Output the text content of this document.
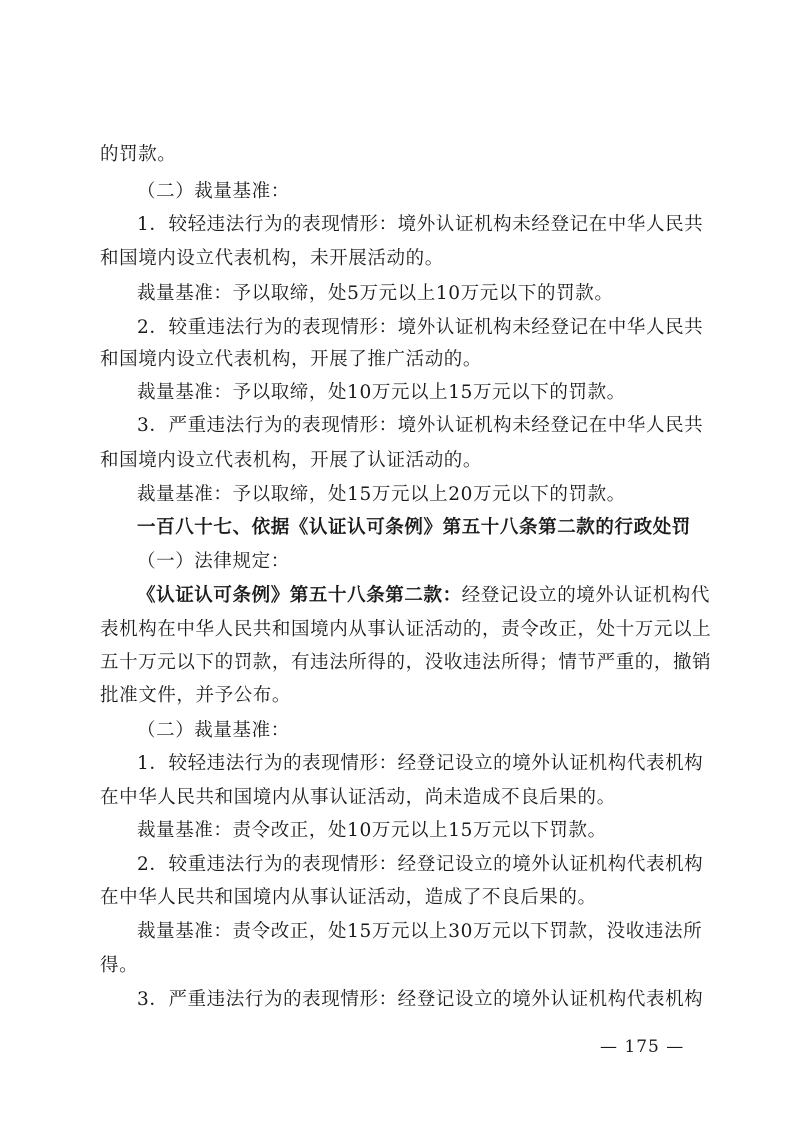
的罚款。
（二）裁量基准：
1．较轻违法行为的表现情形：境外认证机构未经登记在中华人民共
和国境内设立代表机构，未开展活动的。
裁量基准：予以取缔，处5万元以上10万元以下的罚款。
2．较重违法行为的表现情形：境外认证机构未经登记在中华人民共
和国境内设立代表机构，开展了推广活动的。
裁量基准：予以取缔，处10万元以上15万元以下的罚款。
3．严重违法行为的表现情形：境外认证机构未经登记在中华人民共
和国境内设立代表机构，开展了认证活动的。
裁量基准：予以取缔，处15万元以上20万元以下的罚款。
一百八十七、依据《认证认可条例》第五十八条第二款的行政处罚
（一）法律规定：
《认证认可条例》第五十八条第二款：经登记设立的境外认证机构代
表机构在中华人民共和国境内从事认证活动的，责令改正，处十万元以上
五十万元以下的罚款，有违法所得的，没收违法所得；情节严重的，撤销
批准文件，并予公布。
（二）裁量基准：
1．较轻违法行为的表现情形：经登记设立的境外认证机构代表机构
在中华人民共和国境内从事认证活动，尚未造成不良后果的。
裁量基准：责令改正，处10万元以上15万元以下罚款。
2．较重违法行为的表现情形：经登记设立的境外认证机构代表机构
在中华人民共和国境内从事认证活动，造成了不良后果的。
裁量基准：责令改正，处15万元以上30万元以下罚款，没收违法所
得。
3．严重违法行为的表现情形：经登记设立的境外认证机构代表机构
— 175 —
